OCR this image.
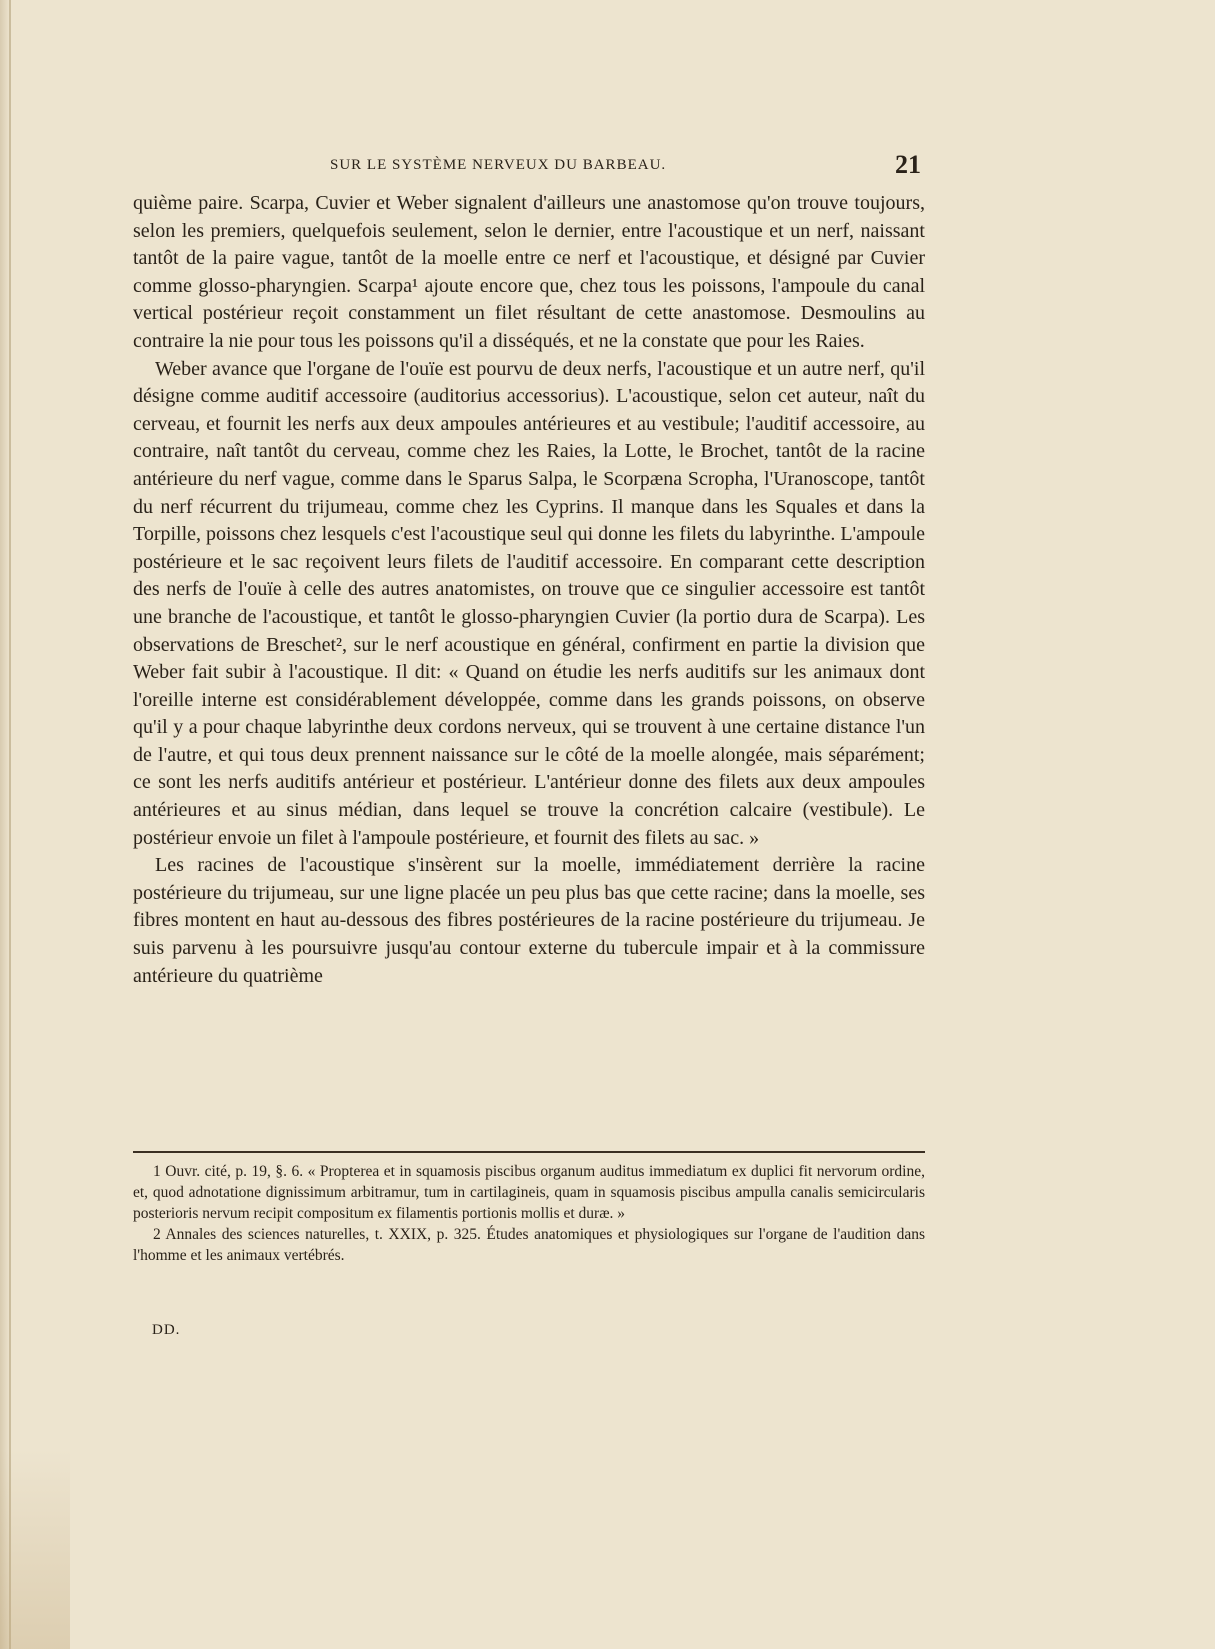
SUR LE SYSTÈME NERVEUX DU BARBEAU.	21

quième paire. Scarpa, Cuvier et Weber signalent d'ailleurs une anastomose qu'on trouve toujours, selon les premiers, quelquefois seulement, selon le dernier, entre l'acoustique et un nerf, naissant tantôt de la paire vague, tantôt de la moelle entre ce nerf et l'acoustique, et désigné par Cuvier comme glosso-pharyngien. Scarpa¹ ajoute encore que, chez tous les poissons, l'ampoule du canal vertical postérieur reçoit constamment un filet résultant de cette anastomose. Desmoulins au contraire la nie pour tous les poissons qu'il a disséqués, et ne la constate que pour les Raies.

Weber avance que l'organe de l'ouïe est pourvu de deux nerfs, l'acoustique et un autre nerf, qu'il désigne comme auditif accessoire (auditorius accessorius). L'acoustique, selon cet auteur, naît du cerveau, et fournit les nerfs aux deux ampoules antérieures et au vestibule; l'auditif accessoire, au contraire, naît tantôt du cerveau, comme chez les Raies, la Lotte, le Brochet, tantôt de la racine antérieure du nerf vague, comme dans le Sparus Salpa, le Scorpæna Scropha, l'Uranoscope, tantôt du nerf récurrent du trijumeau, comme chez les Cyprins. Il manque dans les Squales et dans la Torpille, poissons chez lesquels c'est l'acoustique seul qui donne les filets du labyrinthe. L'ampoule postérieure et le sac reçoivent leurs filets de l'auditif accessoire. En comparant cette description des nerfs de l'ouïe à celle des autres anatomistes, on trouve que ce singulier accessoire est tantôt une branche de l'acoustique, et tantôt le glosso-pharyngien Cuvier (la portio dura de Scarpa). Les observations de Breschet², sur le nerf acoustique en général, confirment en partie la division que Weber fait subir à l'acoustique. Il dit: « Quand on étudie les nerfs auditifs sur les animaux dont l'oreille interne est considérablement développée, comme dans les grands poissons, on observe qu'il y a pour chaque labyrinthe deux cordons nerveux, qui se trouvent à une certaine distance l'un de l'autre, et qui tous deux prennent naissance sur le côté de la moelle alongée, mais séparément; ce sont les nerfs auditifs antérieur et postérieur. L'antérieur donne des filets aux deux ampoules antérieures et au sinus médian, dans lequel se trouve la concrétion calcaire (vestibule). Le postérieur envoie un filet à l'ampoule postérieure, et fournit des filets au sac. »

Les racines de l'acoustique s'insèrent sur la moelle, immédiatement derrière la racine postérieure du trijumeau, sur une ligne placée un peu plus bas que cette racine; dans la moelle, ses fibres montent en haut au-dessous des fibres postérieures de la racine postérieure du trijumeau. Je suis parvenu à les poursuivre jusqu'au contour externe du tubercule impair et à la commissure antérieure du quatrième

1 Ouvr. cité, p. 19, §. 6. « Propterea et in squamosis piscibus organum auditus immediatum ex duplici fit nervorum ordine, et, quod adnotatione dignissimum arbitramur, tum in cartilagineis, quam in squamosis piscibus ampulla canalis semicircularis posterioris nervum recipit compositum ex filamentis portionis mollis et duræ. »

2 Annales des sciences naturelles, t. XXIX, p. 325. Études anatomiques et physiologiques sur l'organe de l'audition dans l'homme et les animaux vertébrés.

DD.
